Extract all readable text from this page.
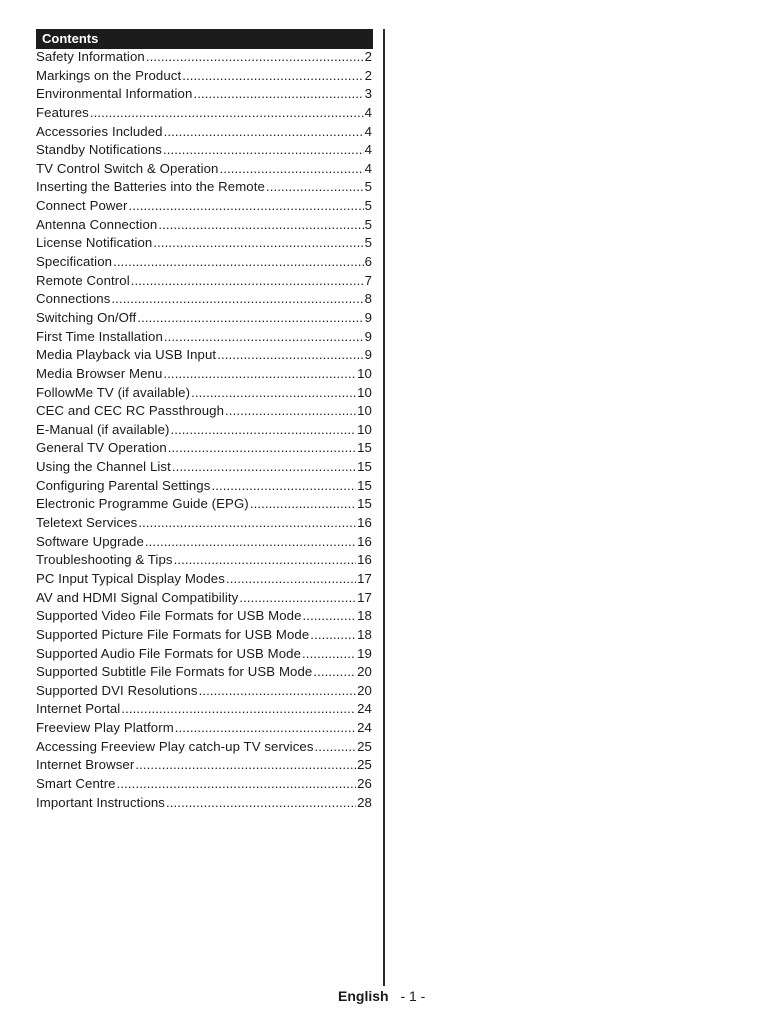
Contents
Safety Information .....	2
Markings on the Product .....	2
Environmental Information .....	3
Features .....	4
Accessories Included .....	4
Standby Notifications .....	4
TV Control Switch & Operation .....	4
Inserting the Batteries into the Remote .....	5
Connect Power .....	5
Antenna Connection .....	5
License Notification .....	5
Specification .....	6
Remote Control .....	7
Connections .....	8
Switching On/Off .....	9
First Time Installation .....	9
Media Playback via USB Input .....	9
Media Browser Menu .....	10
FollowMe TV (if available) .....	10
CEC and CEC RC Passthrough .....	10
E-Manual (if available) .....	10
General TV Operation .....	15
Using the Channel List .....	15
Configuring Parental Settings .....	15
Electronic Programme Guide (EPG) .....	15
Teletext Services .....	16
Software Upgrade .....	16
Troubleshooting & Tips .....	16
PC Input Typical Display Modes .....	17
AV and HDMI Signal Compatibility .....	17
Supported Video File Formats for USB Mode .....	18
Supported Picture File Formats for USB Mode .....	18
Supported Audio File Formats for USB Mode .....	19
Supported Subtitle File Formats for USB Mode .....	20
Supported DVI Resolutions .....	20
Internet Portal .....	24
Freeview Play Platform .....	24
Accessing Freeview Play catch-up TV services .....	25
Internet Browser .....	25
Smart Centre .....	26
Important Instructions .....	28
English - 1 -
